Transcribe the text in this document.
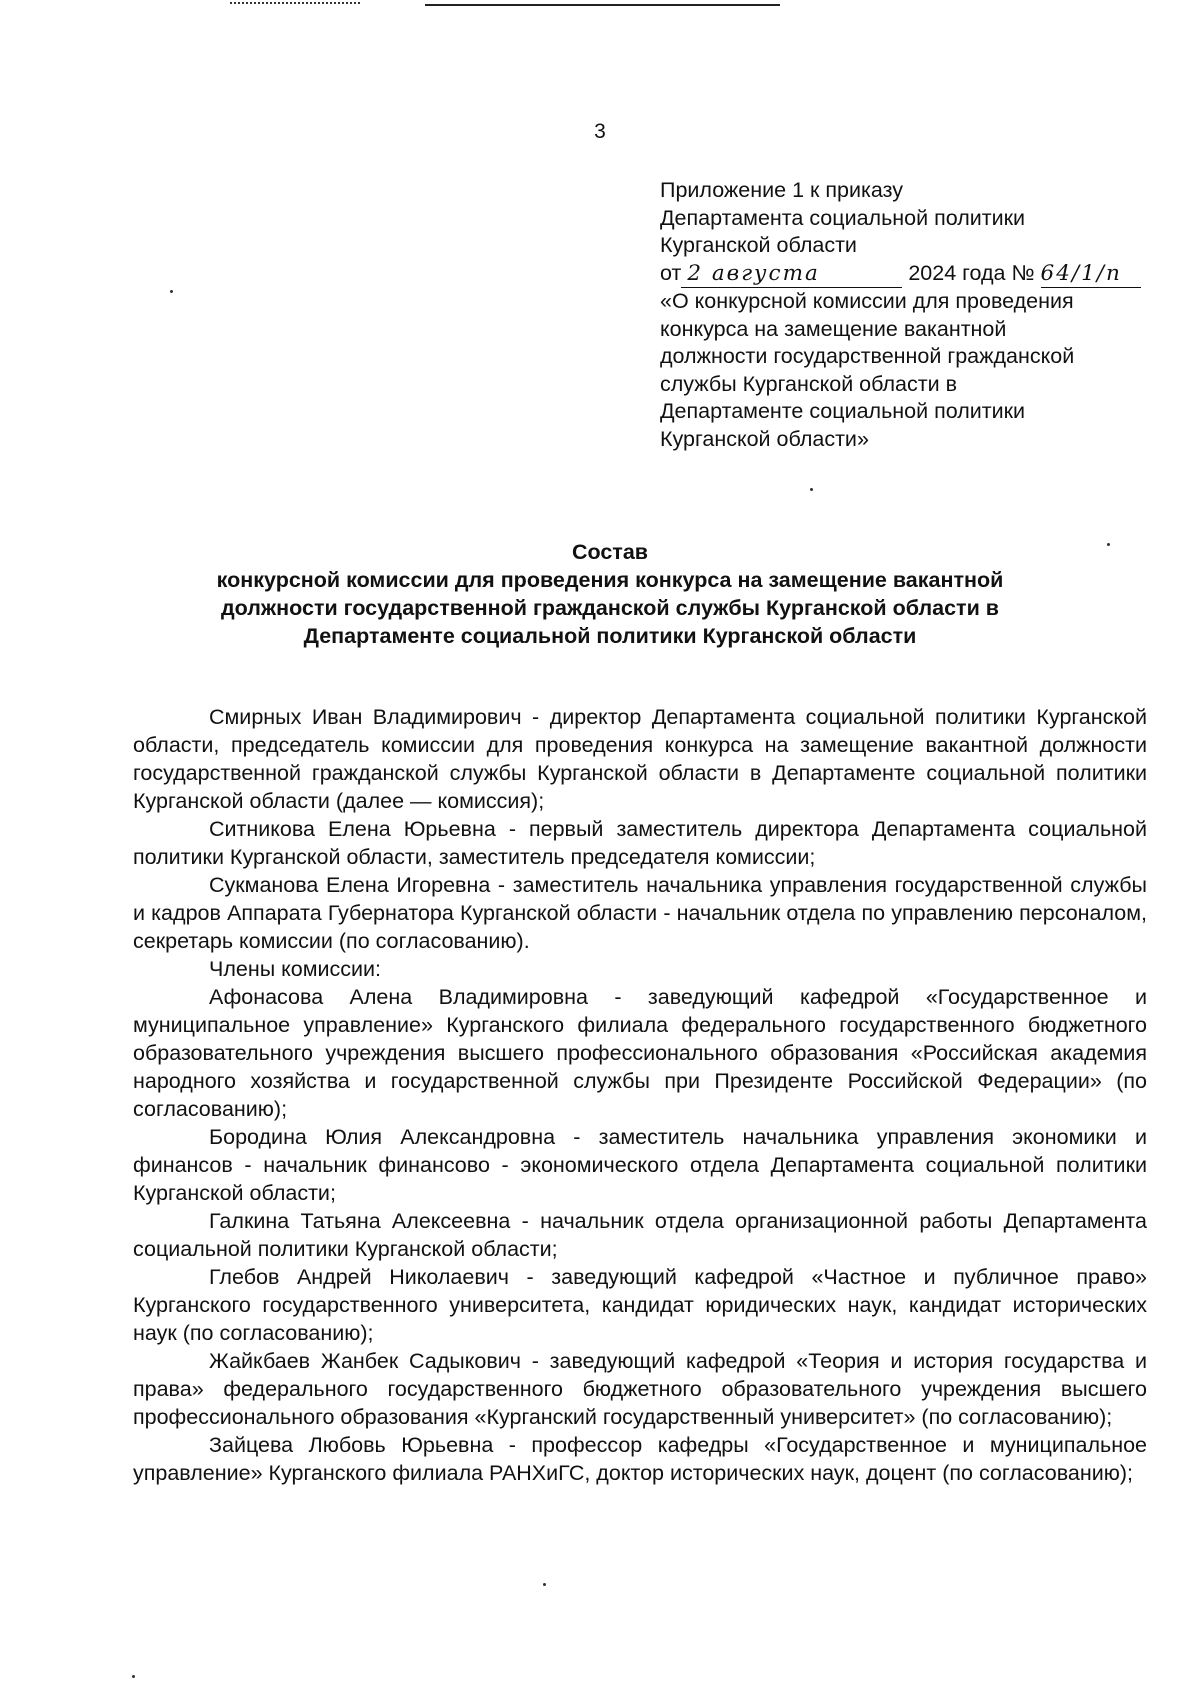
3
Приложение 1 к приказу
Департамента социальной политики
Курганской области
от 2 августа	2024 года № 64/1/п
«О конкурсной комиссии для проведения
конкурса на замещение вакантной
должности государственной гражданской
службы Курганской области в
Департаменте социальной политики
Курганской области»
Состав
конкурсной комиссии для проведения конкурса на замещение вакантной
должности государственной гражданской службы Курганской области в
Департаменте социальной политики Курганской области

Смирных Иван Владимирович - директор Департамента социальной политики Курганской области, председатель комиссии для проведения конкурса на замещение вакантной должности государственной гражданской службы Курганской области в Департаменте социальной политики Курганской области (далее — комиссия);

Ситникова Елена Юрьевна - первый заместитель директора Департамента социальной политики Курганской области, заместитель председателя комиссии;

Сукманова Елена Игоревна - заместитель начальника управления государственной службы и кадров Аппарата Губернатора Курганской области - начальник отдела по управлению персоналом, секретарь комиссии (по согласованию).

Члены комиссии:

Афонасова Алена Владимировна - заведующий кафедрой «Государственное и муниципальное управление» Курганского филиала федерального государственного бюджетного образовательного учреждения высшего профессионального образования «Российская академия народного хозяйства и государственной службы при Президенте Российской Федерации» (по согласованию);

Бородина Юлия Александровна - заместитель начальника управления экономики и финансов - начальник финансово - экономического отдела Департамента социальной политики Курганской области;

Галкина Татьяна Алексеевна - начальник отдела организационной работы Департамента социальной политики Курганской области;

Глебов Андрей Николаевич - заведующий кафедрой «Частное и публичное право» Курганского государственного университета, кандидат юридических наук, кандидат исторических наук (по согласованию);

Жайкбаев Жанбек Садыкович - заведующий кафедрой «Теория и история государства и права» федерального государственного бюджетного образовательного учреждения высшего профессионального образования «Курганский государственный университет» (по согласованию);

Зайцева Любовь Юрьевна - профессор кафедры «Государственное и муниципальное управление» Курганского филиала РАНХиГС, доктор исторических наук, доцент (по согласованию);
